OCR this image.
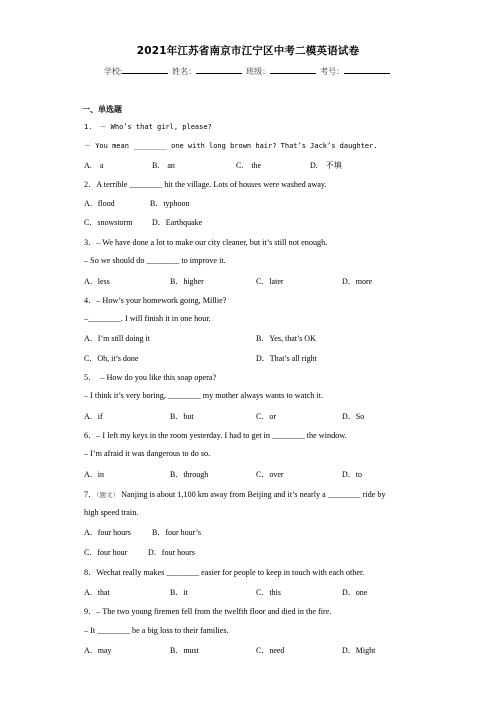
2021年江苏省南京市江宁区中考二模英语试卷
学校:	姓名：	班级：	考号：
一、单选题
1.　－ Who’s that girl, please?
－ You mean ________ one with long brown hair? That’s Jack’s daughter.
A.　a	B.　an	C.　the	D.　不填
2．A terrible ________ hit the village. Lots of houses were washed away.
A．flood	B．typhoon
C．snowstorm D．Earthquake
3．– We have done a lot to make our city cleaner, but it’s still not enough.
– So we should do ________ to improve it.
A．less	B．higher	C．later	D．more
4．– How’s your homework going, Millie?
–________. I will finish it in one hour.
A．I’m still doing it	B．Yes, that’s OK
C．Oh, it’s done	D．That’s all right
5．　– How do you like this soap opera?
– I think it’s very boring, ________ my mother always wants to watch it.
A．if	B．but	C．or	D．So
6．– I left my keys in the room yesterday. I had to get in ________ the window.
– I’m afraid it was dangerous to do so.
A．in	B．through	C．over	D．to
7．（题文） Nanjing is about 1,100 km away from Beijing and it’s nearly a ________ ride by
high speed train.
A．four hours	B．four hour’s
C．four hour	D．four hours
8．Wechat really makes ________ easier for people to keep in touch with each other.
A．that	B．it	C．this	D．one
9．– The two young firemen fell from the twelfth floor and died in the fire.
– It ________ be a big loss to their families.
A．may	B．must	C．need	D．Might
